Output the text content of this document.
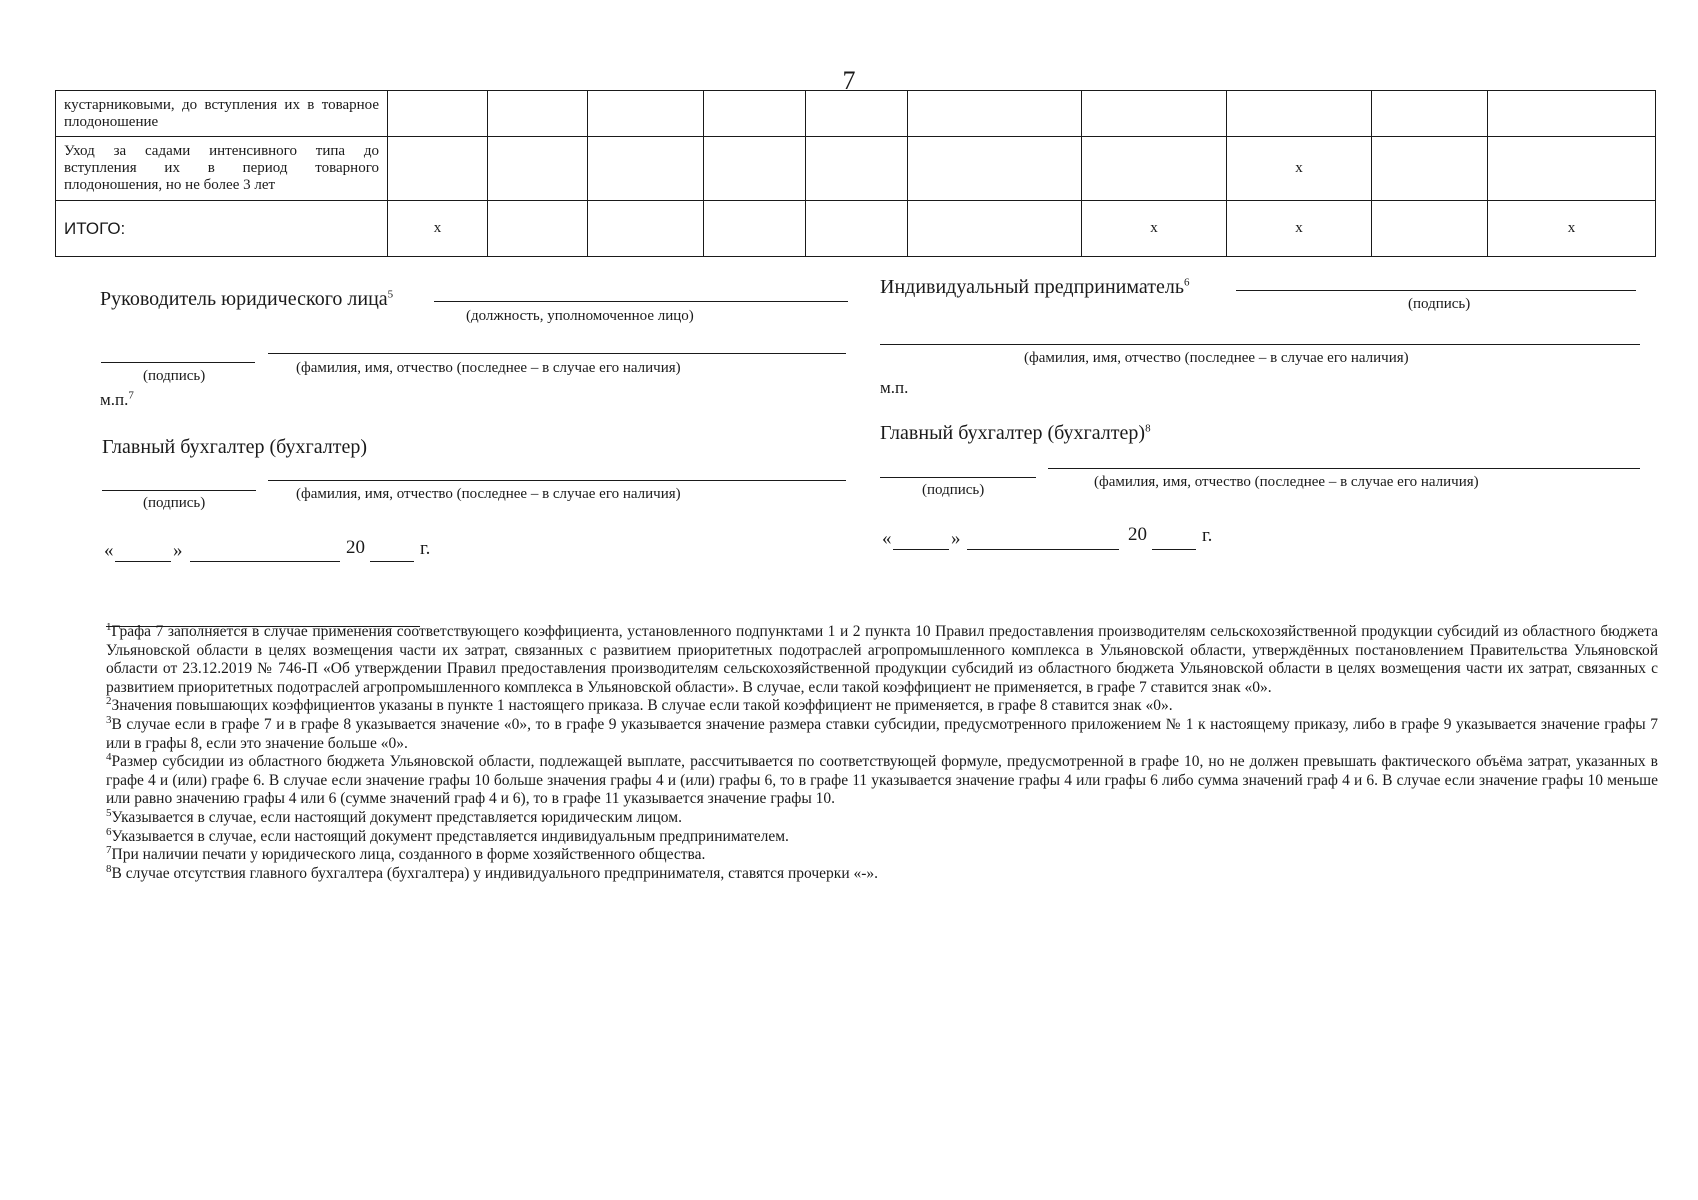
7
кустарниковыми, до вступления их в товарное плодоношение										
Уход за садами интенсивного типа до вступления их в период товарного плодоношения, но не более 3 лет								x		
ИТОГО:	x						x	x		x
Руководитель юридического лица$^5$
(должность, уполномоченное лицо)
(подпись)	(фамилия, имя, отчество (последнее – в случае его наличия)
м.п.$^7$
Главный бухгалтер (бухгалтер)
(подпись)
(фамилия, имя, отчество (последнее – в случае его наличия)
«	»	20	г.
Индивидуальный предприниматель$^6$
(подпись)
(фамилия, имя, отчество (последнее – в случае его наличия)
м.п.
Главный бухгалтер (бухгалтер)$^8$
(подпись)	(фамилия, имя, отчество (последнее – в случае его наличия)
«	»	20	г.

$^1$Графа 7 заполняется в случае применения соответствующего коэффициента, установленного подпунктами 1 и 2 пункта 10 Правил предоставления производителям сельскохозяйственной продукции субсидий из областного бюджета Ульяновской области в целях возмещения части их затрат, связанных с развитием приоритетных подотраслей агропромышленного комплекса в Ульяновской области, утверждённых постановлением Правительства Ульяновской области от 23.12.2019 № 746-П «Об утверждении Правил предоставления производителям сельскохозяйственной продукции субсидий из областного бюджета Ульяновской области в целях возмещения части их затрат, связанных с развитием приоритетных подотраслей агропромышленного комплекса в Ульяновской области». В случае, если такой коэффициент не применяется, в графе 7 ставится знак «0».

$^2$Значения повышающих коэффициентов указаны в пункте 1 настоящего приказа. В случае если такой коэффициент не применяется, в графе 8 ставится знак «0».

$^3$В случае если в графе 7 и в графе 8 указывается значение «0», то в графе 9 указывается значение размера ставки субсидии, предусмотренного приложением № 1 к настоящему приказу, либо в графе 9 указывается значение графы 7 или в графы 8, если это значение больше «0».

$^4$Размер субсидии из областного бюджета Ульяновской области, подлежащей выплате, рассчитывается по соответствующей формуле, предусмотренной в графе 10, но не должен превышать фактического объёма затрат, указанных в графе 4 и (или) графе 6. В случае если значение графы 10 больше значения графы 4 и (или) графы 6, то в графе 11 указывается значение графы 4 или графы 6 либо сумма значений граф 4 и 6. В случае если значение графы 10 меньше или равно значению графы 4 или 6 (сумме значений граф 4 и 6), то в графе 11 указывается значение графы 10.

$^5$Указывается в случае, если настоящий документ представляется юридическим лицом.

$^6$Указывается в случае, если настоящий документ представляется индивидуальным предпринимателем.

$^7$При наличии печати у юридического лица, созданного в форме хозяйственного общества.

$^8$В случае отсутствия главного бухгалтера (бухгалтера) у индивидуального предпринимателя, ставятся прочерки «-».
